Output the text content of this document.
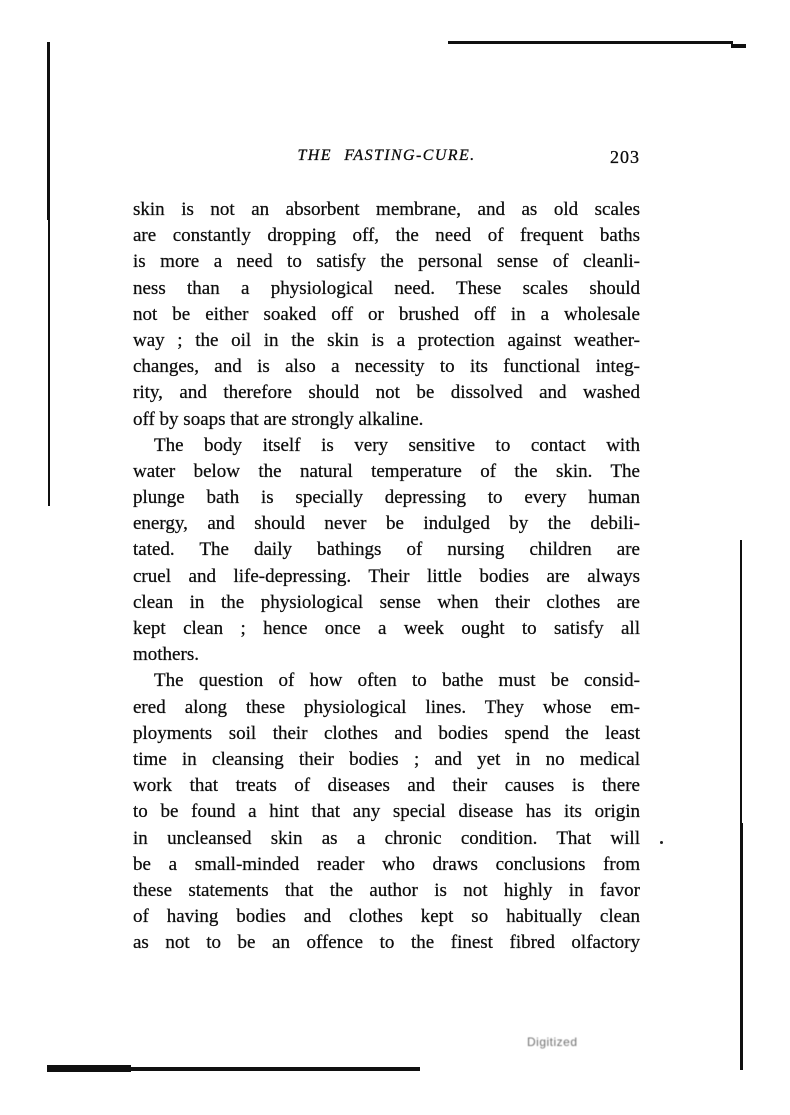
THE FASTING-CURE.	203
skin is not an absorbent membrane, and as old scales
are constantly dropping off, the need of frequent baths
is more a need to satisfy the personal sense of cleanli-
ness than a physiological need. These scales should
not be either soaked off or brushed off in a wholesale
way ; the oil in the skin is a protection against weather-
changes, and is also a necessity to its functional integ-
rity, and therefore should not be dissolved and washed
off by soaps that are strongly alkaline.
The body itself is very sensitive to contact with
water below the natural temperature of the skin. The
plunge bath is specially depressing to every human
energy, and should never be indulged by the debili-
tated. The daily bathings of nursing children are
cruel and life-depressing. Their little bodies are always
clean in the physiological sense when their clothes are
kept clean ; hence once a week ought to satisfy all
mothers.
The question of how often to bathe must be consid-
ered along these physiological lines. They whose em-
ployments soil their clothes and bodies spend the least
time in cleansing their bodies ; and yet in no medical
work that treats of diseases and their causes is there
to be found a hint that any special disease has its origin
in uncleansed skin as a chronic condition. That will
be a small-minded reader who draws conclusions from
these statements that the author is not highly in favor
of having bodies and clothes kept so habitually clean
as not to be an offence to the finest fibred olfactory
Digitized
